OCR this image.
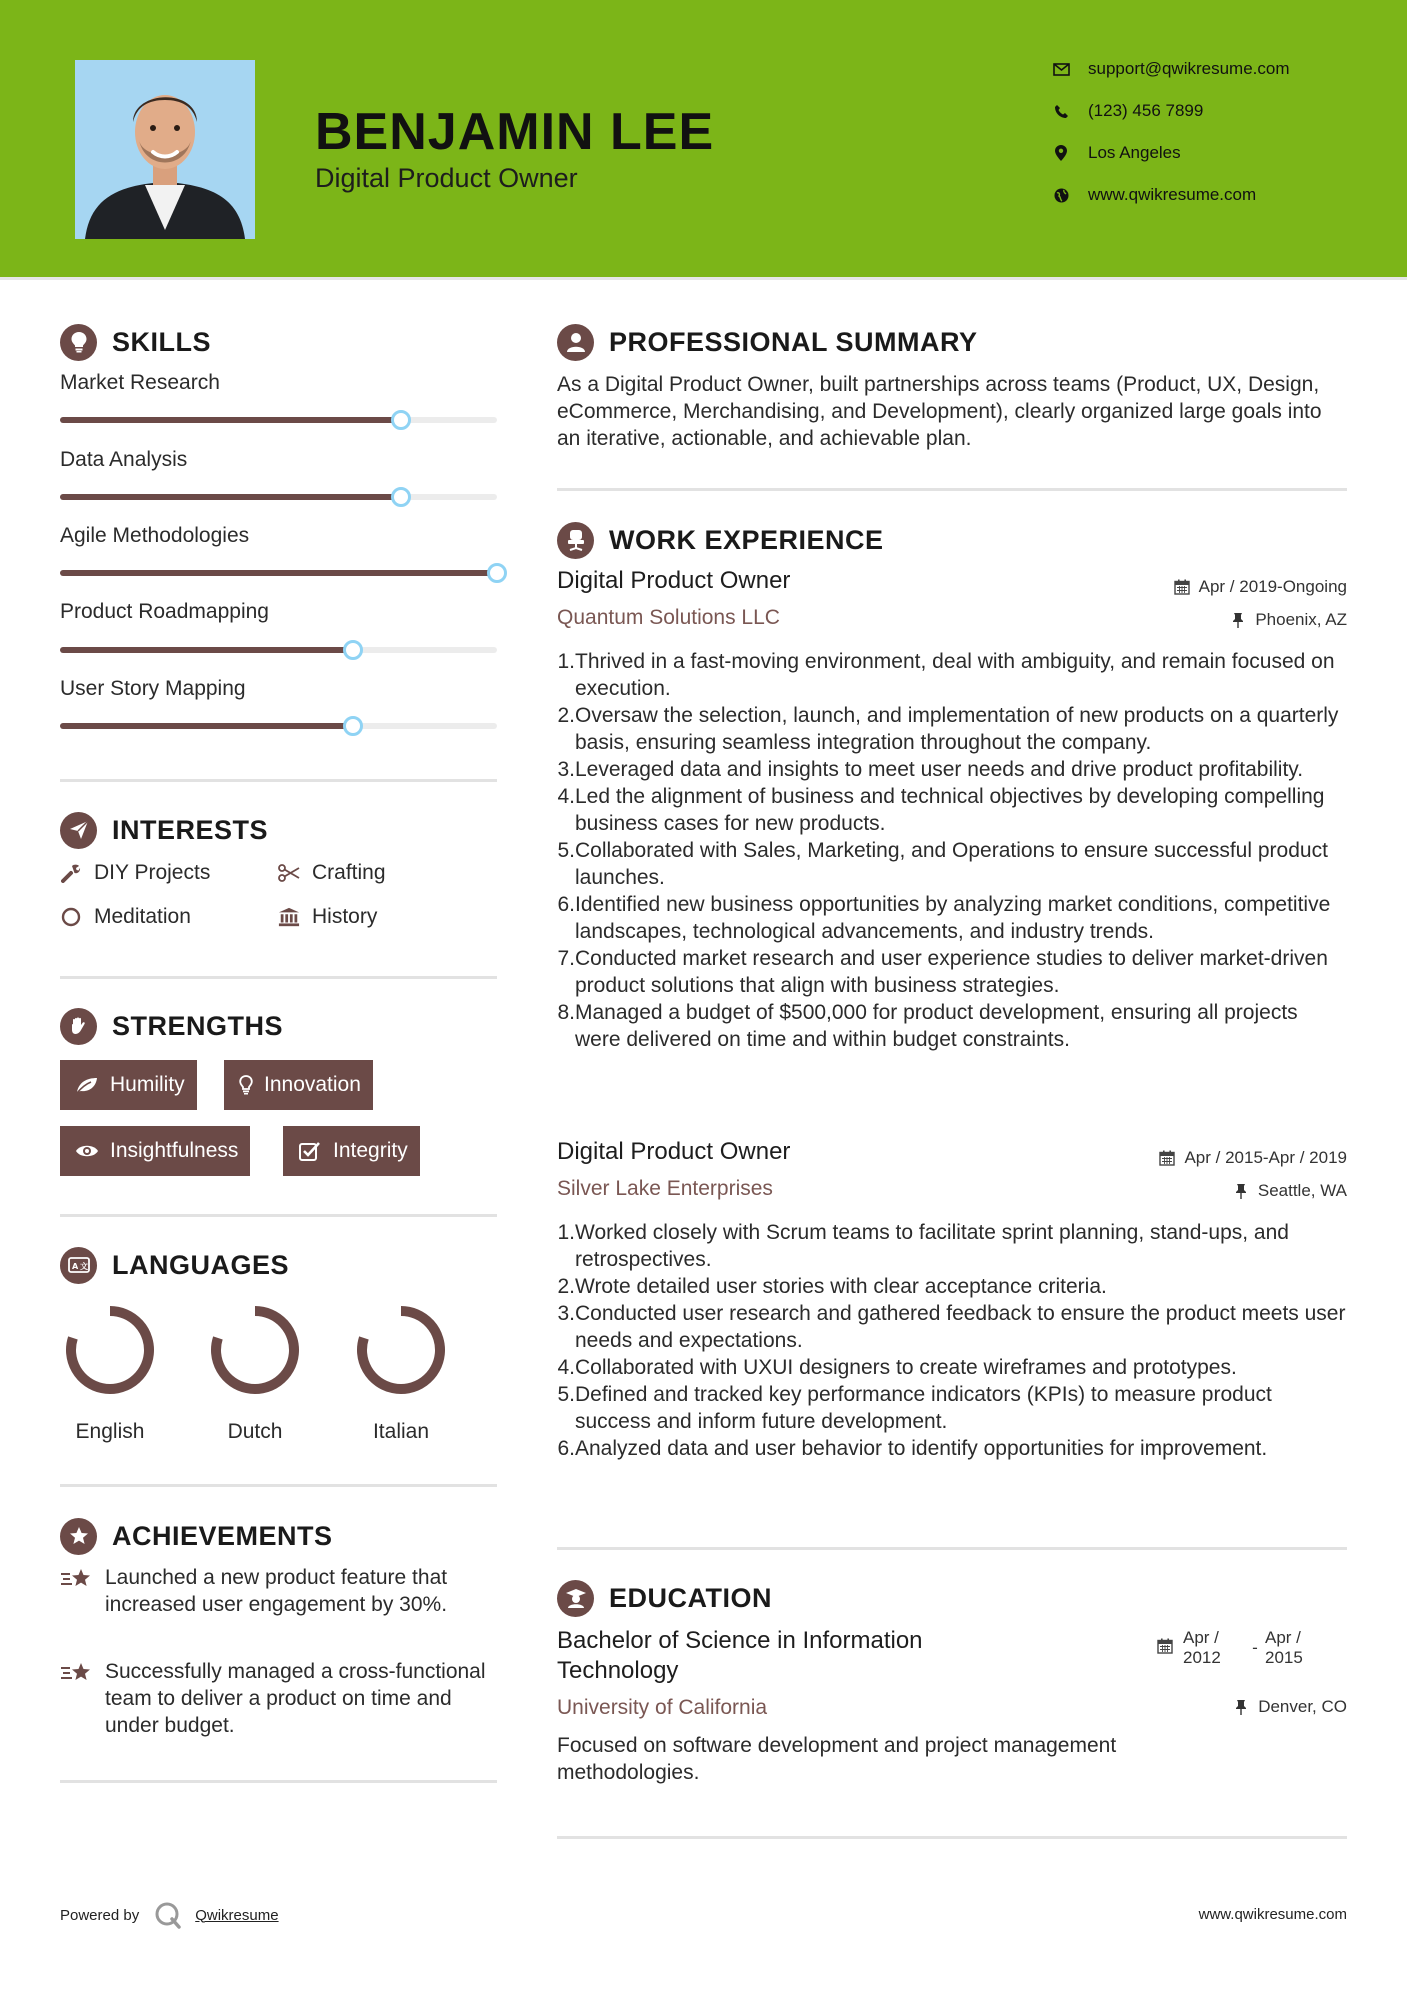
BENJAMIN LEE
Digital Product Owner
support@qwikresume.com
(123) 456 7899
Los Angeles
www.qwikresume.com
SKILLS
Market Research
Data Analysis
Agile Methodologies
Product Roadmapping
User Story Mapping
INTERESTS
DIY Projects	Crafting
Meditation	History
STRENGTHS
Humility	Innovation
Insightfulness	Integrity
A 文 LANGUAGES
English	Dutch	Italian
ACHIEVEMENTS
Launched a new product feature that increased user engagement by 30%.
Successfully managed a cross-functional team to deliver a product on time and under budget.
PROFESSIONAL SUMMARY
As a Digital Product Owner, built partnerships across teams (Product, UX, Design, eCommerce, Merchandising, and Development), clearly organized large goals into an iterative, actionable, and achievable plan.
WORK EXPERIENCE
Digital Product Owner
Quantum Solutions LLC
Apr / 2019-Ongoing
Phoenix, AZ
1. Thrived in a fast-moving environment, deal with ambiguity, and remain focused on execution.
2. Oversaw the selection, launch, and implementation of new products on a quarterly basis, ensuring seamless integration throughout the company.
3. Leveraged data and insights to meet user needs and drive product profitability.
4. Led the alignment of business and technical objectives by developing compelling business cases for new products.
5. Collaborated with Sales, Marketing, and Operations to ensure successful product launches.
6. Identified new business opportunities by analyzing market conditions, competitive landscapes, technological advancements, and industry trends.
7. Conducted market research and user experience studies to deliver market-driven product solutions that align with business strategies.
8. Managed a budget of $500,000 for product development, ensuring all projects were delivered on time and within budget constraints.
Digital Product Owner
Silver Lake Enterprises
Apr / 2015-Apr / 2019
Seattle, WA
1. Worked closely with Scrum teams to facilitate sprint planning, stand-ups, and retrospectives.
2. Wrote detailed user stories with clear acceptance criteria.
3. Conducted user research and gathered feedback to ensure the product meets user needs and expectations.
4. Collaborated with UXUI designers to create wireframes and prototypes.
5. Defined and tracked key performance indicators (KPIs) to measure product success and inform future development.
6. Analyzed data and user behavior to identify opportunities for improvement.
EDUCATION
Bachelor of Science in Information Technology
University of California
Apr / 2012
-
Apr / 2015
Denver, CO
Focused on software development and project management methodologies.
Powered by	Qwikresume	www.qwikresume.com
